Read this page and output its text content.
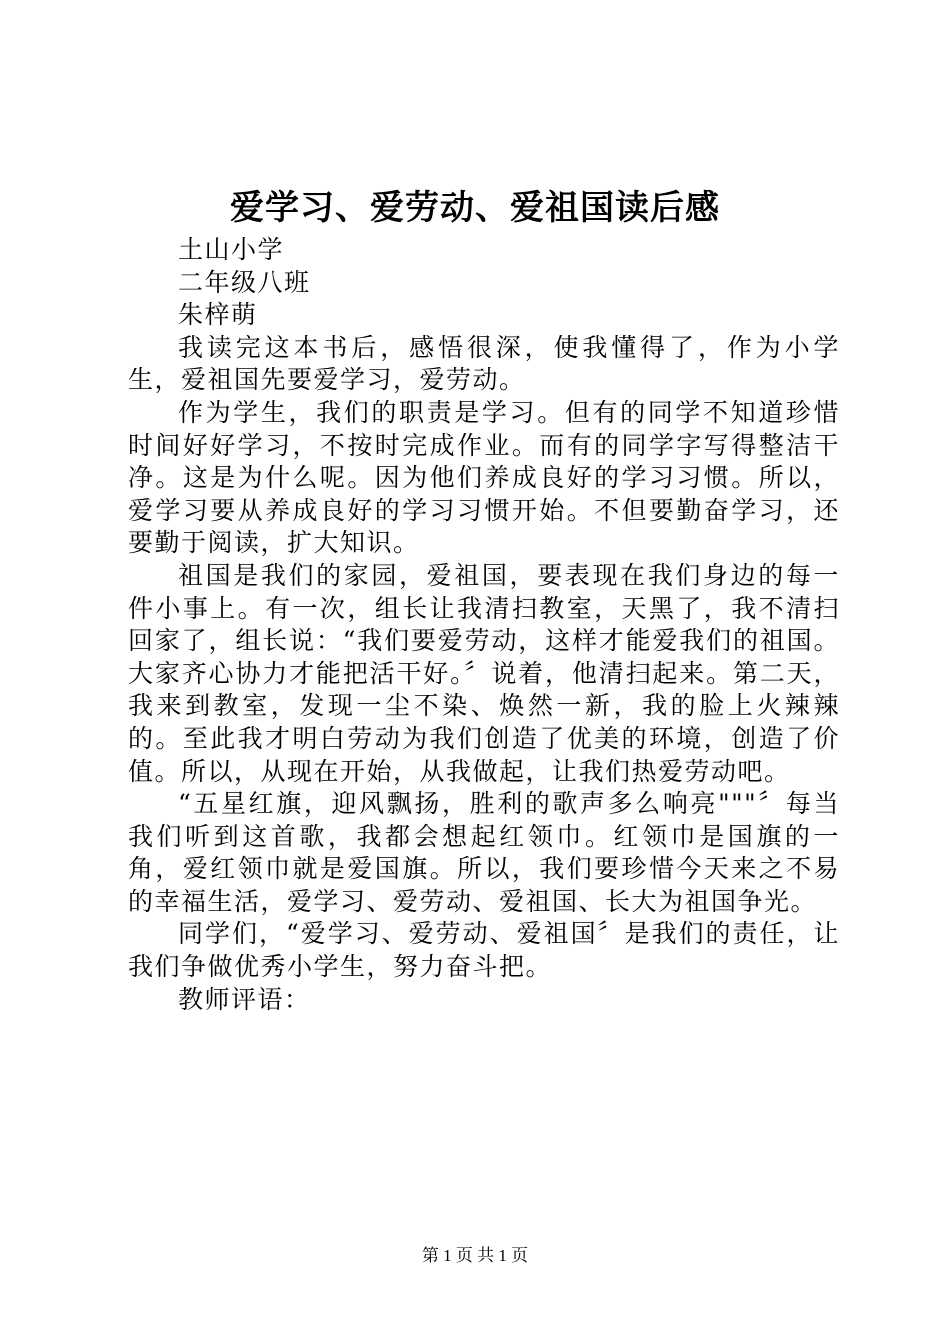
爱学习、爱劳动、爱祖国读后感

土山小学

二年级八班

朱梓萌

我读完这本书后，感悟很深，使我懂得了，作为小学生，爱祖国先要爱学习，爱劳动。

作为学生，我们的职责是学习。但有的同学不知道珍惜时间好好学习，不按时完成作业。而有的同学字写得整洁干净。这是为什么呢。因为他们养成良好的学习习惯。所以，爱学习要从养成良好的学习习惯开始。不但要勤奋学习，还要勤于阅读，扩大知识。

祖国是我们的家园，爱祖国，要表现在我们身边的每一件小事上。有一次，组长让我清扫教室，天黑了，我不清扫回家了，组长说：“我们要爱劳动，这样才能爱我们的祖国。大家齐心协力才能把活干好。〞说着，他清扫起来。第二天，我来到教室，发现一尘不染、焕然一新，我的脸上火辣辣的。至此我才明白劳动为我们创造了优美的环境，创造了价值。所以，从现在开始，从我做起，让我们热爱劳动吧。

“五星红旗，迎风飘扬，胜利的歌声多么响亮"""〞每当我们听到这首歌，我都会想起红领巾。红领巾是国旗的一角，爱红领巾就是爱国旗。所以，我们要珍惜今天来之不易的幸福生活，爱学习、爱劳动、爱祖国、长大为祖国争光。

同学们，“爱学习、爱劳动、爱祖国〞是我们的责任，让我们争做优秀小学生，努力奋斗把。

教师评语：

第 1 页 共 1 页
